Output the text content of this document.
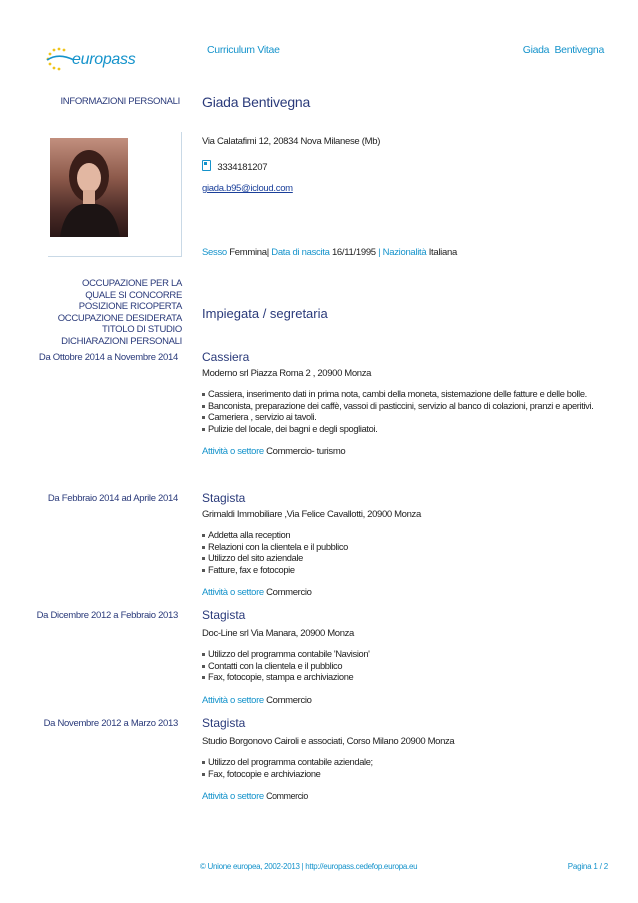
europass
Curriculum Vitae	Giada  Bentivegna
INFORMAZIONI PERSONALI Giada Bentivegna
Via Calatafimi 12, 20834 Nova Milanese (Mb)
3334181207
giada.b95@icloud.com
Sesso Femmina| Data di nascita 16/11/1995 | Nazionalità Italiana
OCCUPAZIONE PER LA
QUALE SI CONCORRE
POSIZIONE RICOPERTA
OCCUPAZIONE DESIDERATA
TITOLO DI STUDIO
DICHIARAZIONI PERSONALI
Impiegata / segretaria
Da Ottobre 2014 a Novembre 2014 Cassiera
Moderno srl Piazza Roma 2 , 20900 Monza
Cassiera, inserimento dati in prima nota, cambi della moneta, sistemazione delle fatture e delle bolle.
Banconista, preparazione dei caffè, vassoi di pasticcini, servizio al banco di colazioni, pranzi e aperitivi.
Cameriera , servizio ai tavoli.
Pulizie del locale, dei bagni e degli spogliatoi.
Attività o settore Commercio- turismo
Da Febbraio 2014 ad Aprile 2014 Stagista
Grimaldi Immobiliare ,Via Felice Cavallotti, 20900 Monza
Addetta alla reception
Relazioni con la clientela e il pubblico
Utilizzo del sito aziendale
Fatture, fax e fotocopie
Attività o settore Commercio
Da Dicembre 2012 a Febbraio 2013 Stagista
Doc-Line srl Via Manara, 20900 Monza
Utilizzo del programma contabile 'Navision'
Contatti con la clientela e il pubblico
Fax, fotocopie, stampa e archiviazione
Attività o settore Commercio
Da Novembre 2012 a Marzo 2013 Stagista
Studio Borgonovo Cairoli e associati, Corso Milano 20900 Monza
Utilizzo del programma contabile aziendale;
Fax, fotocopie e archiviazione
Attività o settore Commercio
© Unione europea, 2002-2013 | http://europass.cedefop.europa.eu	Pagina 1 / 2
